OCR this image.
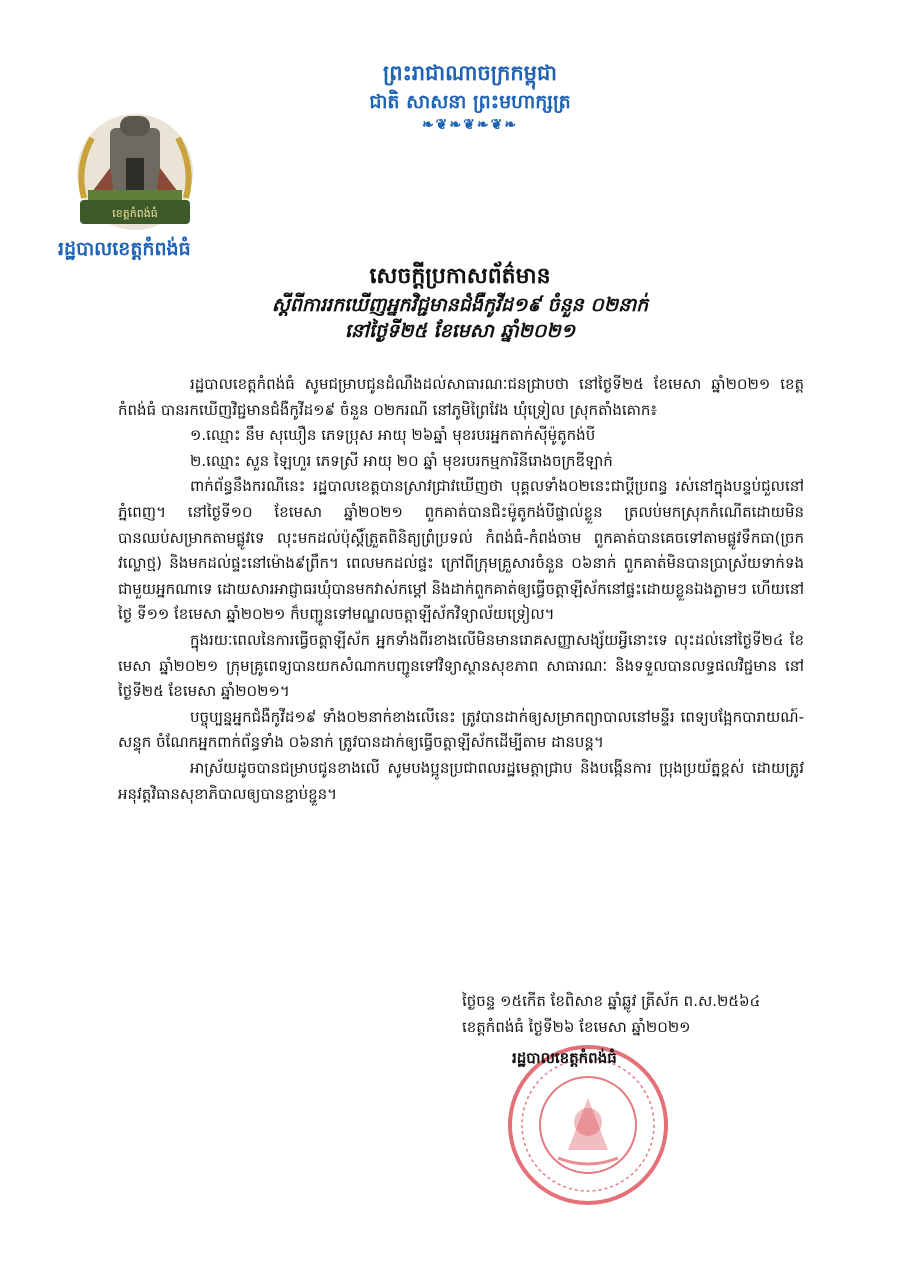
ព្រះរាជាណាចក្រកម្ពុជា
ជាតិ សាសនា ព្រះមហាក្សត្រ
❧❦❧❦❧❦❧
ខេត្តកំពង់ធំ
រដ្ឋបាលខេត្តកំពង់ធំ
សេចក្ដីប្រកាសព័ត៌មាន
ស្ដីពីការរកឃើញអ្នកវិជ្ជមានជំងឺកូវីដ១៩ ចំនួន ០២នាក់
នៅថ្ងៃទី២៥ ខែមេសា ឆ្នាំ២០២១

រដ្ឋបាលខេត្តកំពង់ធំ សូមជម្រាបជូនដំណឹងដល់សាធារណៈជនជ្រាបថា នៅថ្ងៃទី២៥ ខែមេសា ឆ្នាំ២០២១ ខេត្តកំពង់ធំ បានរកឃើញវិជ្ជមានជំងឺកូវីដ១៩ ចំនួន ០២ករណី នៅភូមិព្រៃវែង ឃុំទ្រៀល ស្រុកតាំងគោក៖

១.ឈ្មោះ នឹម សុឃឿន ភេទប្រុស អាយុ ២៦ឆ្នាំ មុខរបរអ្នកតាក់ស៊ីម៉ូតូកង់បី

២.ឈ្មោះ សួន ឡៃហួរ ភេទស្រី អាយុ ២០ ឆ្នាំ មុខរបរកម្មការិនីរោងចក្រឌីឡាក់

ពាក់ព័ន្ធនឹងករណីនេះ រដ្ឋបាលខេត្តបានស្រាវជ្រាវឃើញថា បុគ្គលទាំង០២នេះជាប្ដីប្រពន្ធ រស់នៅក្នុងបន្ទប់ជួលនៅភ្នំពេញ។ នៅថ្ងៃទី១០ ខែមេសា ឆ្នាំ២០២១ ពួកគាត់បានជិះម៉ូតូកង់បីផ្ទាល់ខ្លួន ត្រលប់មកស្រុកកំណើតដោយមិនបានឈប់សម្រាកតាមផ្លូវទេ លុះមកដល់ប៉ុស្តិ៍ត្រួតពិនិត្យព្រំប្រទល់ កំពង់ធំ-កំពង់ចាម ពួកគាត់បានគេចទៅតាមផ្លូវទឹកធា(ច្រកវល្លោថ្ម) និងមកដល់ផ្ទះនៅម៉ោង៩ព្រឹក។ ពេលមកដល់ផ្ទះ ក្រៅពីក្រុមគ្រួសារចំនួន ០៦នាក់ ពួកគាត់មិនបានប្រាស្រ័យទាក់ទងជាមួយអ្នកណាទេ ដោយសារអាជ្ញាធរឃុំបានមកវាស់កម្ដៅ និងដាក់ពួកគាត់ឲ្យធ្វើចត្តាឡីស័កនៅផ្ទះដោយខ្លួនឯងភ្លាមៗ ហើយនៅថ្ងៃ ទី១១ ខែមេសា ឆ្នាំ២០២១ ក៏បញ្ជូនទៅមណ្ឌលចត្តាឡីស័កវិទ្យាល័យទ្រៀល។

ក្នុងរយៈពេលនៃការធ្វើចត្តាឡីស័ក អ្នកទាំងពីរខាងលើមិនមានរោគសញ្ញាសង្ស័យអ្វីនោះទេ លុះដល់នៅថ្ងៃទី២៤ ខែមេសា ឆ្នាំ២០២១ ក្រុមគ្រូពេទ្យបានយកសំណាកបញ្ជូនទៅវិទ្យាស្ថានសុខភាព សាធារណៈ និងទទួលបានលទ្ធផលវិជ្ជមាន នៅថ្ងៃទី២៥ ខែមេសា ឆ្នាំ២០២១។

បច្ចុប្បន្នអ្នកជំងឺកូវីដ១៩ ទាំង០២នាក់ខាងលើនេះ ត្រូវបានដាក់ឲ្យសម្រាកព្យាបាលនៅមន្ទីរ ពេទ្យបង្អែកបារាយណ៍-សន្ទុក ចំណែកអ្នកពាក់ព័ន្ធទាំង ០៦នាក់ ត្រូវបានដាក់ឲ្យធ្វើចត្តាឡីស័កដើម្បីតាម ដានបន្ត។

អាស្រ័យដូចបានជម្រាបជូនខាងលើ សូមបងប្អូនប្រជាពលរដ្ឋមេត្តាជ្រាប និងបង្កើនការ ប្រុងប្រយ័ត្នខ្ពស់ ដោយត្រូវអនុវត្តវិធានសុខាភិបាលឲ្យបានខ្ជាប់ខ្ជួន។

ថ្ងៃចន្ទ ១៥កើត ខែពិសាខ ឆ្នាំឆ្លូវ ត្រីស័ក ព.ស.២៥៦៤
ខេត្តកំពង់ធំ ថ្ងៃទី២៦ ខែមេសា ឆ្នាំ២០២១
រដ្ឋបាលខេត្តកំពង់ធំ
